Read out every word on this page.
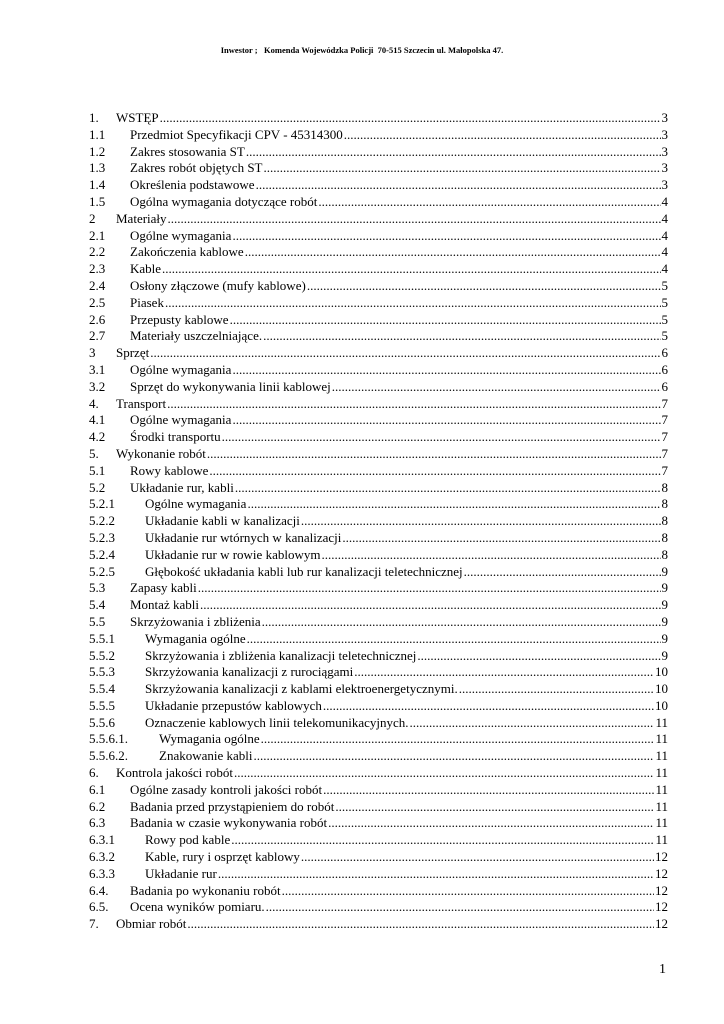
Inwestor ;   Komenda Wojewódzka Policji  70-515 Szczecin ul. Małopolska 47.
1.	WSTĘP .....	3
1.1	Przedmiot Specyfikacji CPV - 45314300 .....	3
1.2	Zakres stosowania ST .....	3
1.3	Zakres robót objętych ST .....	3
1.4	Określenia podstawowe .....	3
1.5	Ogólna wymagania dotyczące robót .....	4
2	Materiały .....	4
2.1	Ogólne wymagania .....	4
2.2	Zakończenia kablowe .....	4
2.3	Kable .....	4
2.4	Osłony złączowe (mufy kablowe) .....	5
2.5	Piasek .....	5
2.6	Przepusty kablowe .....	5
2.7	Materiały uszczelniające. .....	5
3	Sprzęt .....	6
3.1	Ogólne wymagania .....	6
3.2	Sprzęt do wykonywania linii kablowej .....	6
4.	Transport .....	7
4.1	Ogólne wymagania .....	7
4.2	Środki transportu .....	7
5.	Wykonanie robót .....	7
5.1	Rowy kablowe .....	7
5.2	Układanie rur, kabli .....	8
5.2.1	Ogólne wymagania .....	8
5.2.2	Układanie kabli w kanalizacji .....	8
5.2.3	Układanie rur wtórnych w kanalizacji .....	8
5.2.4	Układanie rur w rowie kablowym .....	8
5.2.5	Głębokość układania kabli lub rur kanalizacji teletechnicznej .....	9
5.3	Zapasy kabli .....	9
5.4	Montaż kabli .....	9
5.5	Skrzyżowania i zbliżenia .....	9
5.5.1	Wymagania ogólne .....	9
5.5.2	Skrzyżowania i zbliżenia kanalizacji teletechnicznej .....	9
5.5.3	Skrzyżowania kanalizacji z rurociągami .....	10
5.5.4	Skrzyżowania kanalizacji z kablami elektroenergetycznymi. .....	10
5.5.5	Układanie przepustów kablowych .....	10
5.5.6	Oznaczenie kablowych linii telekomunikacyjnych. .....	11
5.5.6.1.	Wymagania ogólne .....	11
5.5.6.2.	Znakowanie kabli .....	11
6.	Kontrola jakości robót .....	11
6.1	Ogólne zasady kontroli jakości robót .....	11
6.2	Badania przed przystąpieniem do robót .....	11
6.3	Badania w czasie wykonywania robót .....	11
6.3.1	Rowy pod kable .....	11
6.3.2	Kable, rury i osprzęt kablowy .....	12
6.3.3	Układanie rur .....	12
6.4.	Badania po wykonaniu robót .....	12
6.5.	Ocena wyników pomiaru. .....	12
7.	Obmiar robót .....	12
1
